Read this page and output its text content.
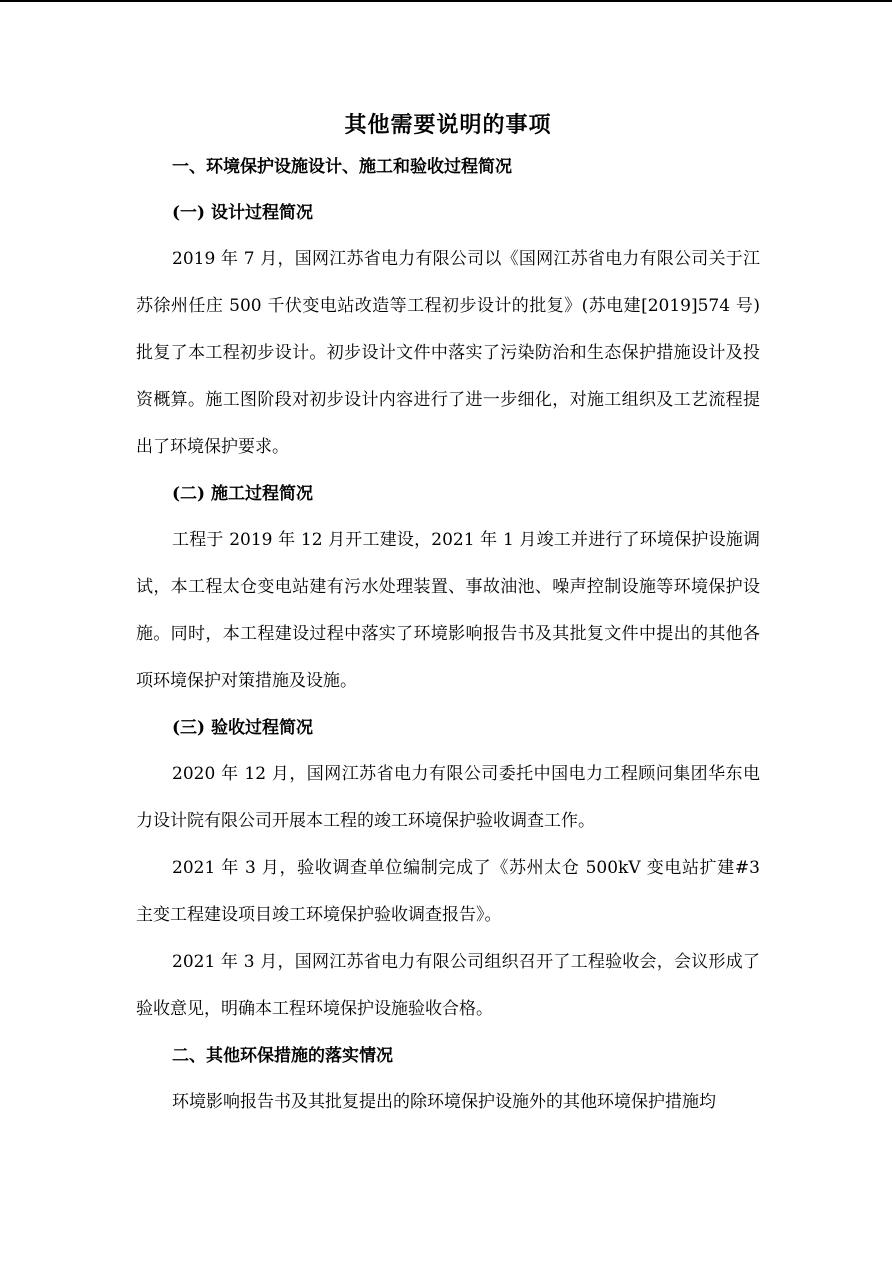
其他需要说明的事项
一、环境保护设施设计、施工和验收过程简况
(一) 设计过程简况

2019 年 7 月，国网江苏省电力有限公司以《国网江苏省电力有限公司关于江苏徐州任庄 500 千伏变电站改造等工程初步设计的批复》(苏电建[2019]574 号)批复了本工程初步设计。初步设计文件中落实了污染防治和生态保护措施设计及投资概算。施工图阶段对初步设计内容进行了进一步细化，对施工组织及工艺流程提出了环境保护要求。

(二) 施工过程简况

工程于 2019 年 12 月开工建设，2021 年 1 月竣工并进行了环境保护设施调试，本工程太仓变电站建有污水处理装置、事故油池、噪声控制设施等环境保护设施。同时，本工程建设过程中落实了环境影响报告书及其批复文件中提出的其他各项环境保护对策措施及设施。

(三) 验收过程简况

2020 年 12 月，国网江苏省电力有限公司委托中国电力工程顾问集团华东电力设计院有限公司开展本工程的竣工环境保护验收调查工作。

2021 年 3 月，验收调查单位编制完成了《苏州太仓 500kV 变电站扩建#3 主变工程建设项目竣工环境保护验收调查报告》。

2021 年 3 月，国网江苏省电力有限公司组织召开了工程验收会，会议形成了验收意见，明确本工程环境保护设施验收合格。

二、其他环保措施的落实情况

环境影响报告书及其批复提出的除环境保护设施外的其他环境保护措施均
